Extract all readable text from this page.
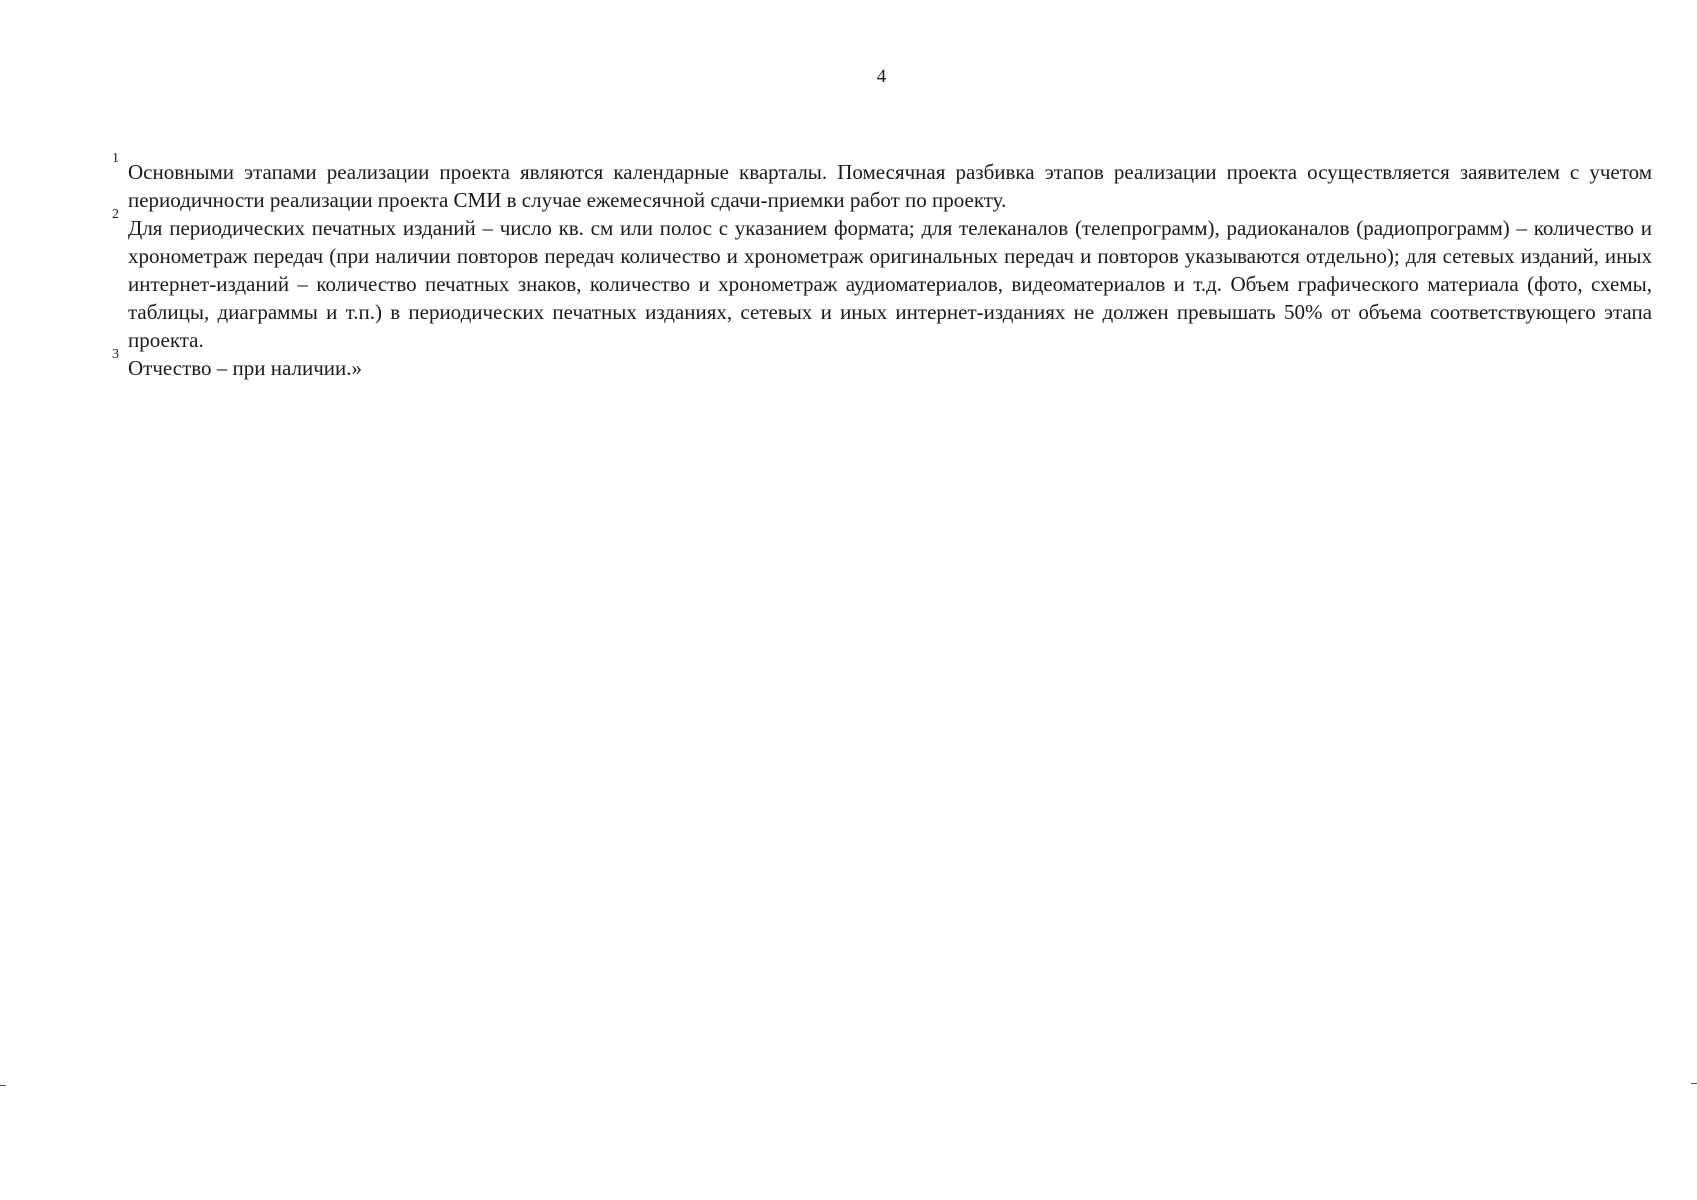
4

1
Основными этапами реализации проекта являются календарные кварталы. Помесячная разбивка этапов реализации проекта осуществляется заявителем с учетом периодичности реализации проекта СМИ в случае ежемесячной сдачи-приемки работ по проекту.

2
Для периодических печатных изданий – число кв. см или полос с указанием формата; для телеканалов (телепрограмм), радиоканалов (радиопрограмм) – количество и хронометраж передач (при наличии повторов передач количество и хронометраж оригинальных передач и повторов указываются отдельно); для сетевых изданий, иных интернет-изданий – количество печатных знаков, количество и хронометраж аудиоматериалов, видеоматериалов и т.д. Объем графического материала (фото, схемы, таблицы, диаграммы и т.п.) в периодических печатных изданиях, сетевых и иных интернет-изданиях не должен превышать 50% от объема соответствующего этапа проекта.

3
Отчество – при наличии.»
